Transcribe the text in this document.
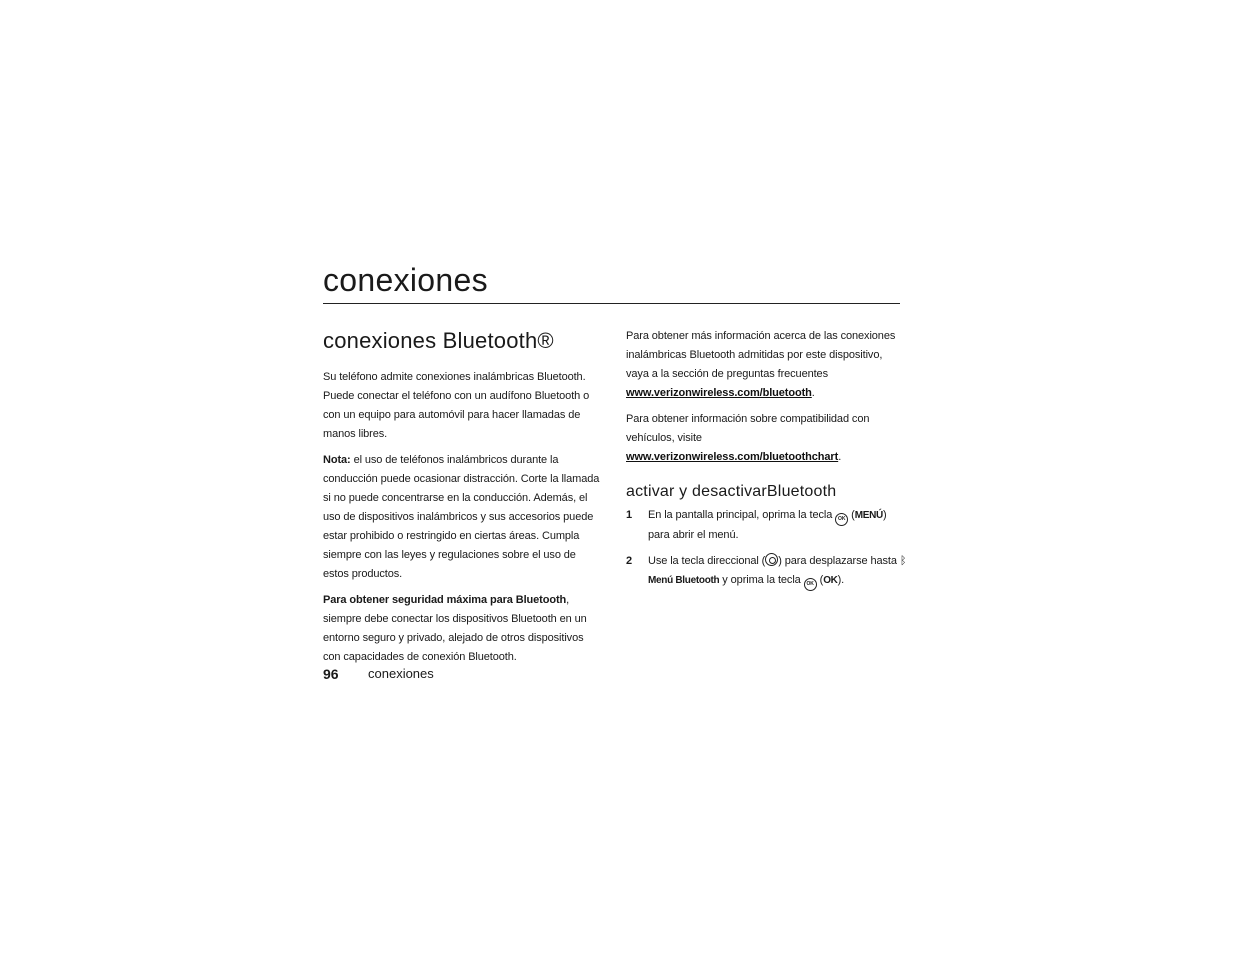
conexiones
conexiones Bluetooth®

Su teléfono admite conexiones inalámbricas Bluetooth. Puede conectar el teléfono con un audífono Bluetooth o con un equipo para automóvil para hacer llamadas de manos libres.

Nota: el uso de teléfonos inalámbricos durante la conducción puede ocasionar distracción. Corte la llamada si no puede concentrarse en la conducción. Además, el uso de dispositivos inalámbricos y sus accesorios puede estar prohibido o restringido en ciertas áreas. Cumpla siempre con las leyes y regulaciones sobre el uso de estos productos.

Para obtener seguridad máxima para Bluetooth, siempre debe conectar los dispositivos Bluetooth en un entorno seguro y privado, alejado de otros dispositivos con capacidades de conexión Bluetooth.

Para obtener más información acerca de las conexiones inalámbricas Bluetooth admitidas por este dispositivo, vaya a la sección de preguntas frecuentes www.verizonwireless.com/bluetooth.

Para obtener información sobre compatibilidad con vehículos, visite www.verizonwireless.com/bluetoothchart.

activar y desactivarBluetooth
1 En la pantalla principal, oprima la tecla OK (MENÚ)
para abrir el menú.
2 Use la tecla direccional ( ) para desplazarse hasta ᛒ Menú Bluetooth y oprima la tecla OK (OK).
96 conexiones
